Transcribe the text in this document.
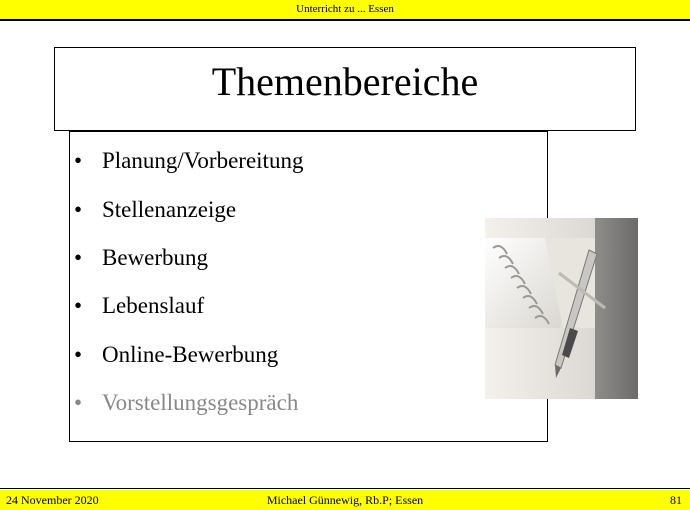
Unterricht zu ... Essen
Themenbereiche
• Planung/Vorbereitung
• Stellenanzeige
• Bewerbung
• Lebenslauf
• Online-Bewerbung
• Vorstellungsgespräch
24 November 2020	Michael Günnewig, Rb.P; Essen	81
